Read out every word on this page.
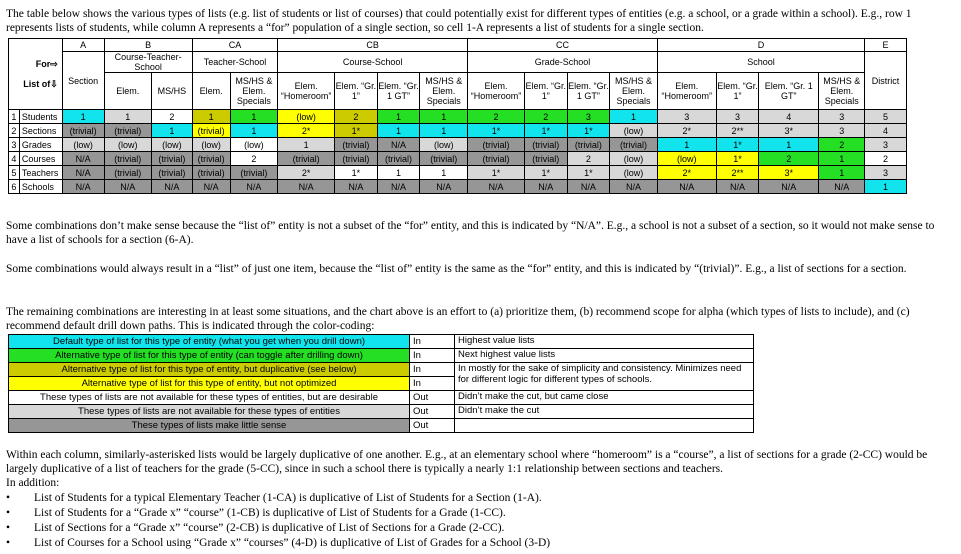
The table below shows the various types of lists (e.g. list of students or list of courses) that could potentially exist for different types of entities (e.g. a school, or a grade within a school). E.g., row 1 represents lists of students, while column A represents a “for” population of a single section, so cell 1-A represents a list of students for a single section.
For⇨
List of⇩		A	B		CA		CB				CC				D				E
		Section	Course-Teacher-School		Teacher-School		Course-School				Grade-School				School				District
			Elem.	MS/HS	Elem.	MS/HS & Elem. Specials	Elem. “Homeroom”	Elem. “Gr. 1”	Elem. “Gr. 1 GT”	MS/HS & Elem. Specials	Elem. “Homeroom”	Elem. “Gr. 1”	Elem. “Gr. 1 GT”	MS/HS & Elem. Specials	Elem. “Homeroom”	Elem. “Gr. 1”	Elem. “Gr. 1 GT”	MS/HS & Elem. Specials	
1	Students	1	1	2	1	1	(low)	2	1	1	2	2	3	1	3	3	4	3	5
2	Sections	(trivial)	(trivial)	1	(trivial)	1	2*	1*	1	1	1*	1*	1*	(low)	2*	2**	3*	3	4
3	Grades	(low)	(low)	(low)	(low)	(low)	1	(trivial)	N/A	(low)	(trivial)	(trivial)	(trivial)	(trivial)	1	1*	1	2	3
4	Courses	N/A	(trivial)	(trivial)	(trivial)	2	(trivial)	(trivial)	(trivial)	(trivial)	(trivial)	(trivial)	2	(low)	(low)	1*	2	1	2
5	Teachers	N/A	(trivial)	(trivial)	(trivial)	(trivial)	2*	1*	1	1	1*	1*	1*	(low)	2*	2**	3*	1	3
6	Schools	N/A	N/A	N/A	N/A	N/A	N/A	N/A	N/A	N/A	N/A	N/A	N/A	N/A	N/A	N/A	N/A	N/A	1
Some combinations don’t make sense because the “list of” entity is not a subset of the “for” entity, and this is indicated by “N/A”. E.g., a school is not a subset of a section, so it would not make sense to have a list of schools for a section (6-A).
Some combinations would always result in a “list” of just one item, because the “list of” entity is the same as the “for” entity, and this is indicated by “(trivial)”. E.g., a list of sections for a section.
The remaining combinations are interesting in at least some situations, and the chart above is an effort to (a) prioritize them, (b) recommend scope for alpha (which types of lists to include), and (c) recommend default drill down paths. This is indicated through the color-coding:
Default type of list for this type of entity (what you get when you drill down)	In	Highest value lists
Alternative type of list for this type of entity (can toggle after drilling down)	In	Next highest value lists
Alternative type of list for this type of entity, but duplicative (see below)	In	In mostly for the sake of simplicity and consistency. Minimizes need for different logic for different types of schools.
Alternative type of list for this type of entity, but not optimized	In	
These types of lists are not available for these types of entities, but are desirable	Out	Didn’t make the cut, but came close
These types of lists are not available for these types of entities	Out	Didn’t make the cut
These types of lists make little sense	Out	
Within each column, similarly-asterisked lists would be largely duplicative of one another. E.g., at an elementary school where “homeroom” is a “course”, a list of sections for a grade (2-CC) would be largely duplicative of a list of teachers for the grade (5-CC), since in such a school there is typically a nearly 1:1 relationship between sections and teachers.
In addition:
• List of Students for a typical Elementary Teacher (1-CA) is duplicative of List of Students for a Section (1-A).
• List of Students for a “Grade x” “course” (1-CB) is duplicative of List of Students for a Grade (1-CC).
• List of Sections for a “Grade x” “course” (2-CB) is duplicative of List of Sections for a Grade (2-CC).
• List of Courses for a School using “Grade x” “courses” (4-D) is duplicative of List of Grades for a School (3-D)
